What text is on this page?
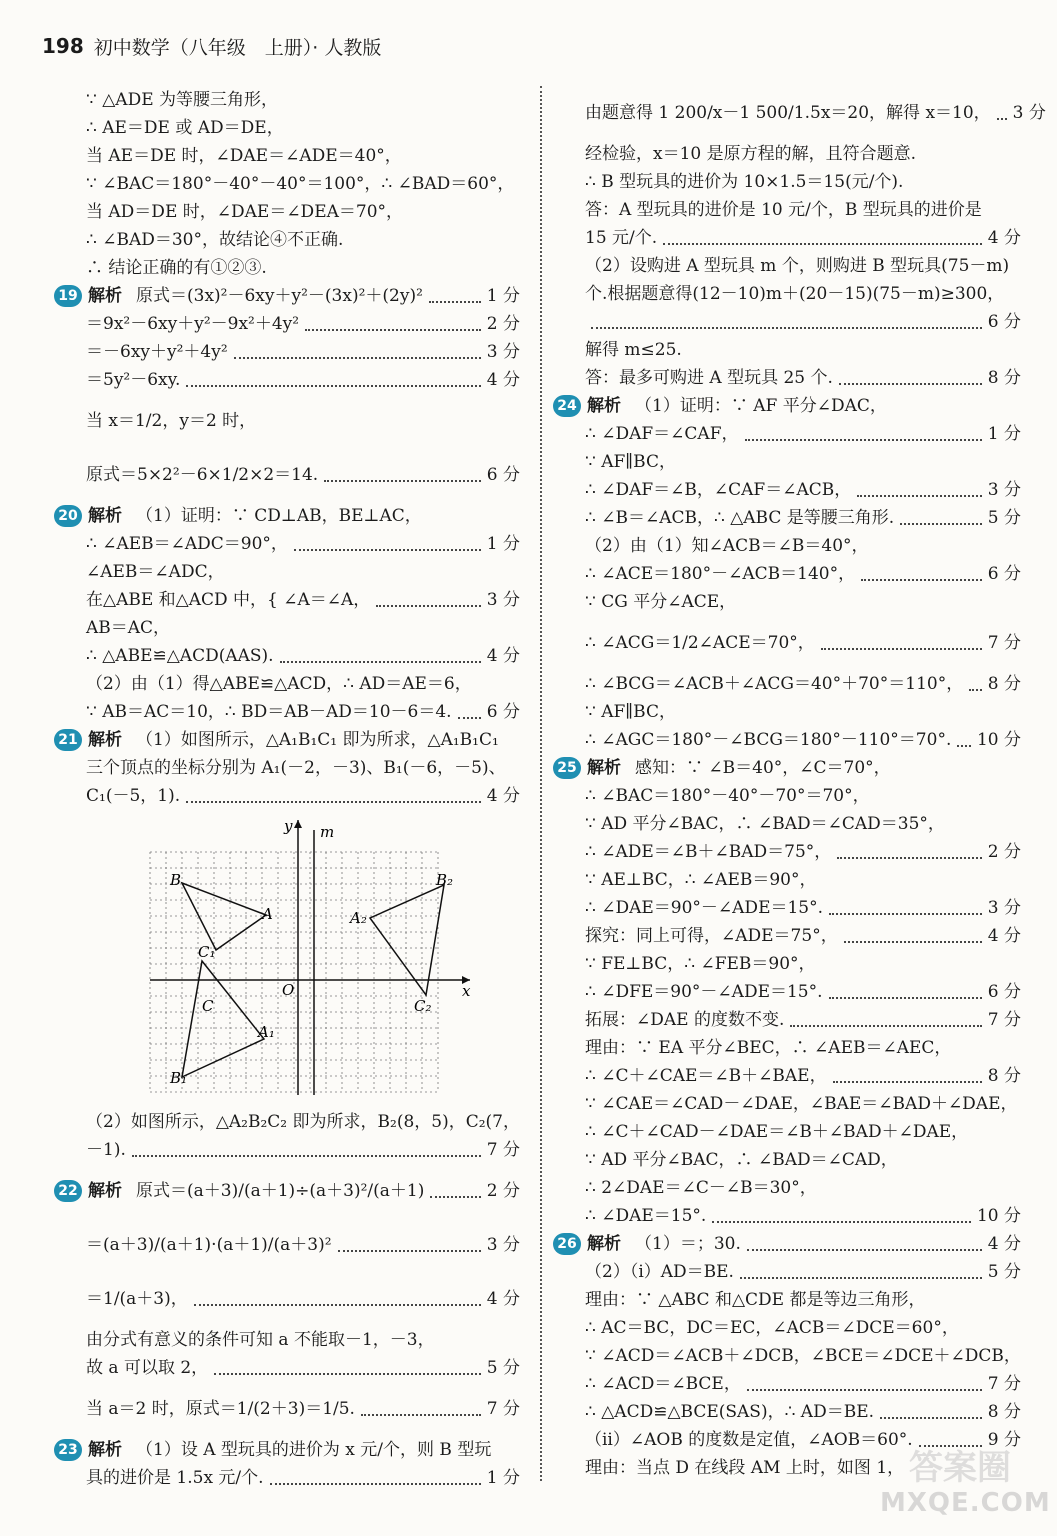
198 初中数学（八年级　上册）· 人教版
∵ △ADE 为等腰三角形，
∴ AE＝DE 或 AD＝DE，
当 AE＝DE 时，∠DAE＝∠ADE＝40°，
∵ ∠BAC＝180°－40°－40°＝100°，∴ ∠BAD＝60°，
当 AD＝DE 时，∠DAE＝∠DEA＝70°，
∴ ∠BAD＝30°，故结论④不正确.
∴ 结论正确的有①②③.
19 解析 原式＝(3x)²－6xy＋y²－(3x)²＋(2y)²	1 分
＝9x²－6xy＋y²－9x²＋4y²	2 分
＝－6xy＋y²＋4y²	3 分
＝5y²－6xy.	4 分
当 x＝1/2，y＝2 时，
原式＝5×2²－6×1/2×2＝14.	6 分
20 解析 （1）证明：∵ CD⊥AB，BE⊥AC，
∴ ∠AEB＝∠ADC＝90°，	1 分
∠AEB＝∠ADC，
在△ABE 和△ACD 中，{ ∠A＝∠A，	3 分
AB＝AC，
∴ △ABE≌△ACD(AAS).	4 分
（2）由（1）得△ABE≌△ACD，∴ AD＝AE＝6，
∵ AB＝AC＝10，∴ BD＝AB－AD＝10－6＝4. 6 分
21 解析 （1）如图所示，△A₁B₁C₁ 即为所求，△A₁B₁C₁
三个顶点的坐标分别为 A₁(－2，－3)、B₁(－6，－5)、
C₁(－5，1).	4 分
（2）如图所示，△A₂B₂C₂ 即为所求，B₂(8，5)，C₂(7，
－1).	7 分
22 解析 原式＝(a＋3)/(a＋1)÷(a＋3)²/(a＋1)	2 分
＝(a＋3)/(a＋1)·(a＋1)/(a＋3)²	3 分
＝1/(a＋3)，	4 分
由分式有意义的条件可知 a 不能取－1，－3，
故 a 可以取 2，	5 分
当 a＝2 时，原式＝1/(2＋3)＝1/5.	7 分
23 解析 （1）设 A 型玩具的进价为 x 元/个，则 B 型玩
具的进价是 1.5x 元/个.	1 分
由题意得 1 200/x－1 500/1.5x＝20，解得 x＝10， 3 分
经检验，x＝10 是原方程的解，且符合题意.
∴ B 型玩具的进价为 10×1.5＝15(元/个).
答：A 型玩具的进价是 10 元/个，B 型玩具的进价是
15 元/个.	4 分
（2）设购进 A 型玩具 m 个，则购进 B 型玩具(75－m)
个.根据题意得(12－10)m＋(20－15)(75－m)≥300，
6 分
解得 m≤25.
答：最多可购进 A 型玩具 25 个.	8 分
24 解析 （1）证明：∵ AF 平分∠DAC，
∴ ∠DAF＝∠CAF，	1 分
∵ AF∥BC，
∴ ∠DAF＝∠B，∠CAF＝∠ACB，	3 分
∴ ∠B＝∠ACB，∴ △ABC 是等腰三角形.	5 分
（2）由（1）知∠ACB＝∠B＝40°，
∴ ∠ACE＝180°－∠ACB＝140°，	6 分
∵ CG 平分∠ACE，
∴ ∠ACG＝1/2∠ACE＝70°，	7 分
∴ ∠BCG＝∠ACB＋∠ACG＝40°＋70°＝110°， 8 分
∵ AF∥BC，
∴ ∠AGC＝180°－∠BCG＝180°－110°＝70°. 10 分
25 解析 感知：∵ ∠B＝40°，∠C＝70°，
∴ ∠BAC＝180°－40°－70°＝70°，
∵ AD 平分∠BAC，∴ ∠BAD＝∠CAD＝35°，
∴ ∠ADE＝∠B＋∠BAD＝75°，	2 分
∵ AE⊥BC，∴ ∠AEB＝90°，
∴ ∠DAE＝90°－∠ADE＝15°.	3 分
探究：同上可得，∠ADE＝75°，	4 分
∵ FE⊥BC，∴ ∠FEB＝90°，
∴ ∠DFE＝90°－∠ADE＝15°.	6 分
拓展：∠DAE 的度数不变.	7 分
理由：∵ EA 平分∠BEC，∴ ∠AEB＝∠AEC，
∴ ∠C＋∠CAE＝∠B＋∠BAE，	8 分
∵ ∠CAE＝∠CAD－∠DAE，∠BAE＝∠BAD＋∠DAE，
∴ ∠C＋∠CAD－∠DAE＝∠B＋∠BAD＋∠DAE，
∵ AD 平分∠BAC，∴ ∠BAD＝∠CAD，
∴ 2∠DAE＝∠C－∠B＝30°，
∴ ∠DAE＝15°.	10 分
26 解析 （1）＝；30.	4 分
（2）（i）AD＝BE.	5 分
理由：∵ △ABC 和△CDE 都是等边三角形，
∴ AC＝BC，DC＝EC，∠ACB＝∠DCE＝60°，
∵ ∠ACD＝∠ACB＋∠DCB，∠BCE＝∠DCE＋∠DCB，
∴ ∠ACD＝∠BCE，	7 分
∴ △ACD≌△BCE(SAS)，∴ AD＝BE.	8 分
（ii）∠AOB 的度数是定值，∠AOB＝60°.	9 分
理由：当点 D 在线段 AM 上时，如图 1，
x
y m
O
B
A
C
C₁
A₁
B₁
A₂
B₂
C₂
答案圈
MXQE.COM
